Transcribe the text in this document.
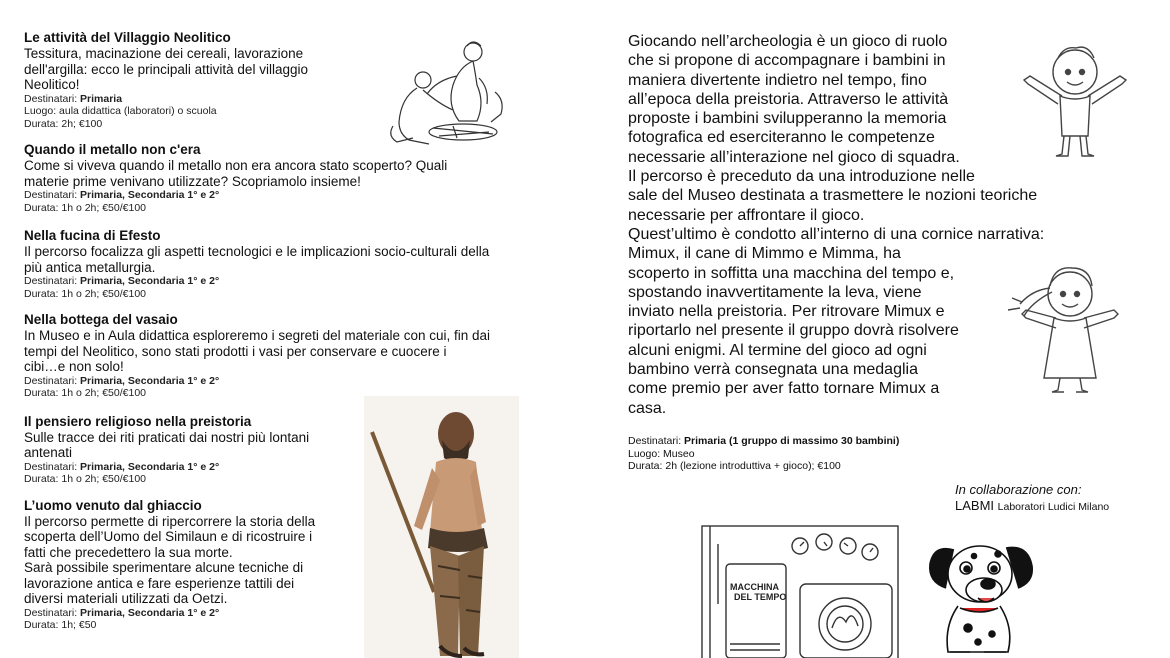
Le attività del Villaggio Neolitico

Tessitura, macinazione dei cereali, lavorazione
dell'argilla: ecco le principali attività del villaggio
Neolitico!

Destinatari: Primaria
Luogo: aula didattica (laboratori) o scuola
Durata: 2h; €100
Quando il metallo non c'era

Come si viveva quando il metallo non era ancora stato scoperto? Quali
materie prime venivano utilizzate? Scopriamolo insieme!

Destinatari: Primaria, Secondaria 1° e 2°
Durata: 1h o 2h; €50/€100
Nella fucina di Efesto

Il percorso focalizza gli aspetti tecnologici e le implicazioni socio-culturali della
più antica metallurgia.

Destinatari: Primaria, Secondaria 1° e 2°
Durata: 1h o 2h; €50/€100
Nella bottega del vasaio

In Museo e in Aula didattica esploreremo i segreti del materiale con cui, fin dai
tempi del Neolitico, sono stati prodotti i vasi per conservare e cuocere i
cibi…e non solo!

Destinatari: Primaria, Secondaria 1° e 2°
Durata: 1h o 2h; €50/€100
Il pensiero religioso nella preistoria

Sulle tracce dei riti praticati dai nostri più lontani
antenati

Destinatari: Primaria, Secondaria 1° e 2°
Durata: 1h o 2h; €50/€100
L’uomo venuto dal ghiaccio

Il percorso permette di ripercorrere la storia della
scoperta dell’Uomo del Similaun e di ricostruire i
fatti che precedettero la sua morte.
Sarà possibile sperimentare alcune tecniche di
lavorazione antica e fare esperienze tattili dei
diversi materiali utilizzati da Oetzi.

Destinatari: Primaria, Secondaria 1° e 2°
Durata: 1h; €50

Giocando nell’archeologia è un gioco di ruolo
che si propone di accompagnare i bambini in
maniera divertente indietro nel tempo, fino
all’epoca della preistoria. Attraverso le attività
proposte i bambini svilupperanno la memoria
fotografica ed eserciteranno le competenze
necessarie all’interazione nel gioco di squadra.
Il percorso è preceduto da una introduzione nelle
sale del Museo destinata a trasmettere le nozioni teoriche
necessarie per affrontare il gioco.
Quest’ultimo è condotto all’interno di una cornice narrativa:
Mimux, il cane di Mimmo e Mimma, ha
scoperto in soffitta una macchina del tempo e,
spostando inavvertitamente la leva, viene
inviato nella preistoria. Per ritrovare Mimux e
riportarlo nel presente il gruppo dovrà risolvere
alcuni enigmi. Al termine del gioco ad ogni
bambino verrà consegnata una medaglia
come premio per aver fatto tornare Mimux a
casa.

Destinatari: Primaria (1 gruppo di massimo 30 bambini)
Luogo: Museo
Durata: 2h (lezione introduttiva + gioco); €100
In collaborazione con:
LABMI Laboratori Ludici Milano
MACCHINA
DEL TEMPO
